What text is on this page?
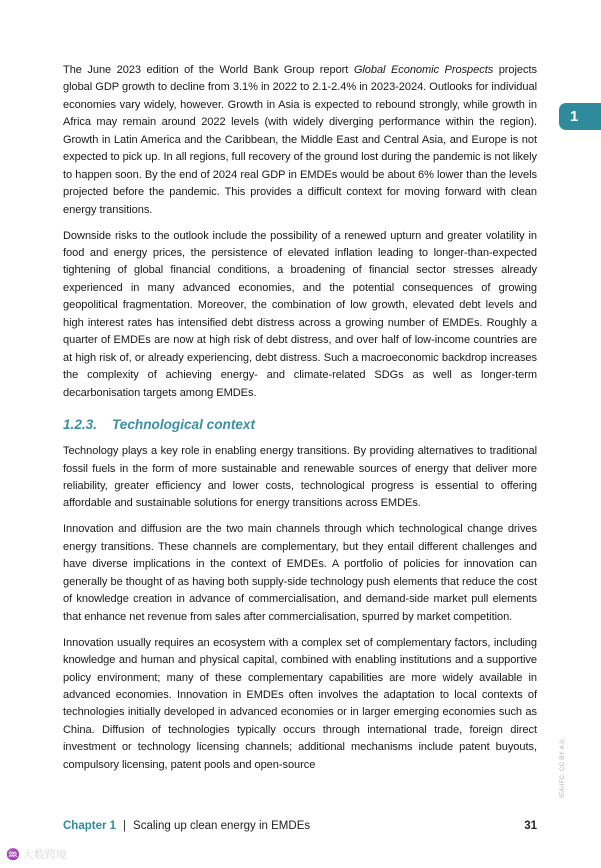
1

The June 2023 edition of the World Bank Group report Global Economic Prospects projects global GDP growth to decline from 3.1% in 2022 to 2.1-2.4% in 2023-2024. Outlooks for individual economies vary widely, however. Growth in Asia is expected to rebound strongly, while growth in Africa may remain around 2022 levels (with widely diverging performance within the region). Growth in Latin America and the Caribbean, the Middle East and Central Asia, and Europe is not expected to pick up. In all regions, full recovery of the ground lost during the pandemic is not likely to happen soon. By the end of 2024 real GDP in EMDEs would be about 6% lower than the levels projected before the pandemic. This provides a difficult context for moving forward with clean energy transitions.

Downside risks to the outlook include the possibility of a renewed upturn and greater volatility in food and energy prices, the persistence of elevated inflation leading to longer-than-expected tightening of global financial conditions, a broadening of financial sector stresses already experienced in many advanced economies, and the potential consequences of growing geopolitical fragmentation. Moreover, the combination of low growth, elevated debt levels and high interest rates has intensified debt distress across a growing number of EMDEs. Roughly a quarter of EMDEs are now at high risk of debt distress, and over half of low-income countries are at high risk of, or already experiencing, debt distress. Such a macroeconomic backdrop increases the complexity of achieving energy- and climate-related SDGs as well as longer-term decarbonisation targets among EMDEs.

1.2.3. Technological context

Technology plays a key role in enabling energy transitions. By providing alternatives to traditional fossil fuels in the form of more sustainable and renewable sources of energy that deliver more reliability, greater efficiency and lower costs, technological progress is essential to offering affordable and sustainable solutions for energy transitions across EMDEs.

Innovation and diffusion are the two main channels through which technological change drives energy transitions. These channels are complementary, but they entail different challenges and have diverse implications in the context of EMDEs. A portfolio of policies for innovation can generally be thought of as having both supply-side technology push elements that reduce the cost of knowledge creation in advance of commercialisation, and demand-side market pull elements that enhance net revenue from sales after commercialisation, spurred by market competition.

Innovation usually requires an ecosystem with a complex set of complementary factors, including knowledge and human and physical capital, combined with enabling institutions and a supportive policy environment; many of these complementary capabilities are more widely available in advanced economies. Innovation in EMDEs often involves the adaptation to local contexts of technologies initially developed in advanced economies or in larger emerging economies such as China. Diffusion of technologies typically occurs through international trade, foreign direct investment or technology licensing channels; additional mechanisms include patent buyouts, compulsory licensing, patent pools and open-source

Chapter 1 | Scaling up clean energy in EMDEs	31
IEA/IFC. CC BY 4.0.
♒ 大数跨境
